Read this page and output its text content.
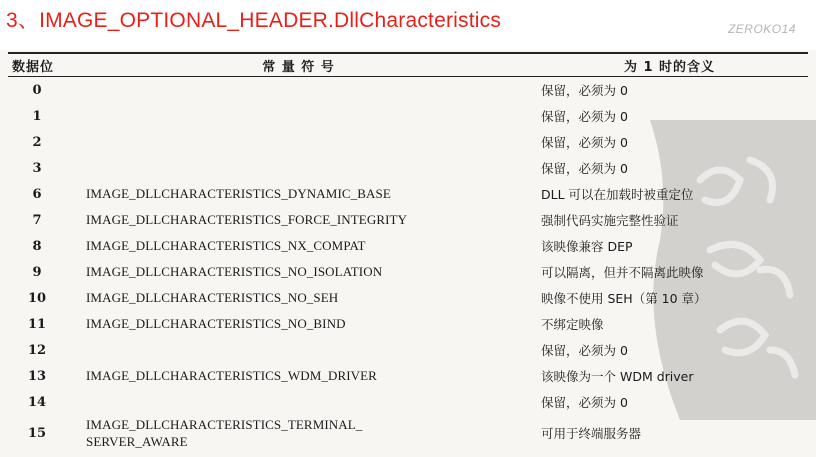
3、IMAGE_OPTIONAL_HEADER.DllCharacteristics	ZEROKO14
数据位	常 量 符 号	为 1 时的含义
0		保留，必须为 0
1		保留，必须为 0
2		保留，必须为 0
3		保留，必须为 0
6	IMAGE_DLLCHARACTERISTICS_DYNAMIC_BASE	DLL 可以在加载时被重定位
7	IMAGE_DLLCHARACTERISTICS_FORCE_INTEGRITY	强制代码实施完整性验证
8	IMAGE_DLLCHARACTERISTICS_NX_COMPAT	该映像兼容 DEP
9	IMAGE_DLLCHARACTERISTICS_NO_ISOLATION	可以隔离，但并不隔离此映像
10	IMAGE_DLLCHARACTERISTICS_NO_SEH	映像不使用 SEH（第 10 章）
11	IMAGE_DLLCHARACTERISTICS_NO_BIND	不绑定映像
12		保留，必须为 0
13	IMAGE_DLLCHARACTERISTICS_WDM_DRIVER	该映像为一个 WDM driver
14		保留，必须为 0
15	IMAGE_DLLCHARACTERISTICS_TERMINAL_
SERVER_AWARE	可用于终端服务器
